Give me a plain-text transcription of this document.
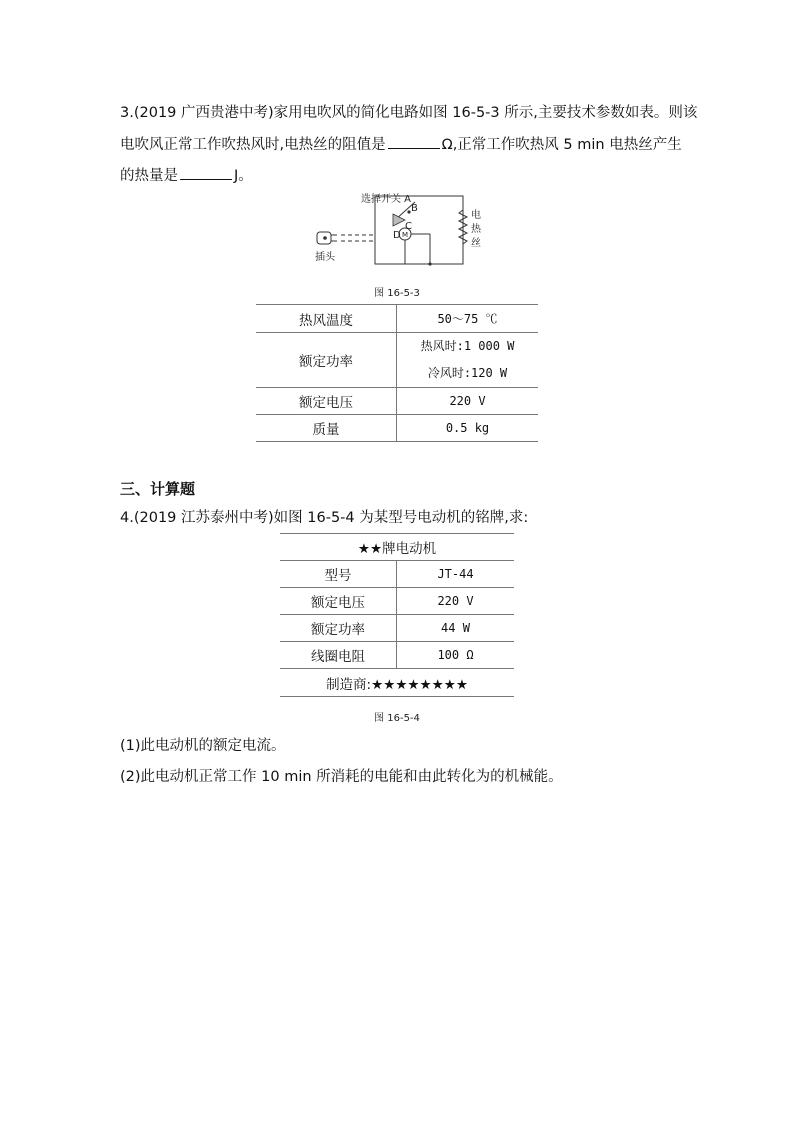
3.(2019 广西贵港中考)家用电吹风的简化电路如图 16-5-3 所示,主要技术参数如表。则该
电吹风正常工作吹热风时,电热丝的阻值是	Ω,正常工作吹热风 5 min 电热丝产生
的热量是	J。
选择开关 A
B
C
D M
电
热
丝
插头
图 16-5-3
热风温度	50～75 ℃
额定功率	热风时:1 000 W
冷风时:120 W

额定电压	220 V
质量	0.5 kg
三、计算题
4.(2019 江苏泰州中考)如图 16-5-4 为某型号电动机的铭牌,求:
★★牌电动机	
型号	JT-44
额定电压	220 V
额定功率	44 W
线圈电阻	100 Ω
制造商:★★★★★★★★	
图 16-5-4
(1)此电动机的额定电流。
(2)此电动机正常工作 10 min 所消耗的电能和由此转化为的机械能。
